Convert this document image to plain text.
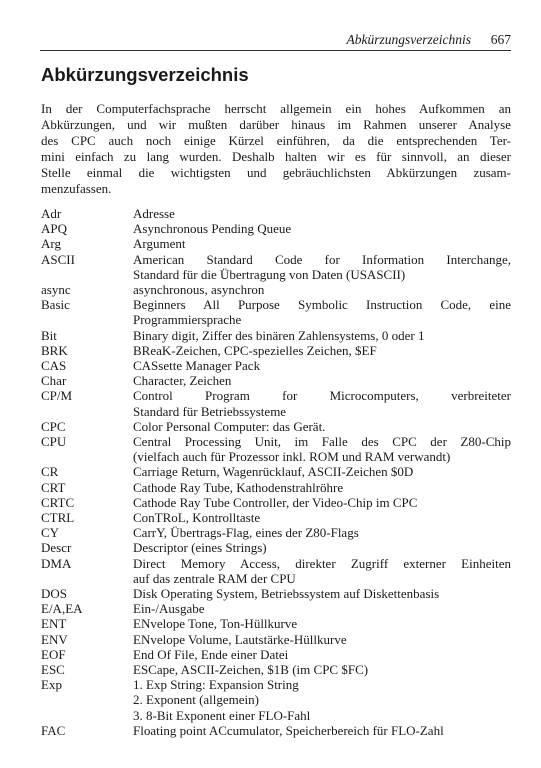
Abkürzungsverzeichnis 667
Abkürzungsverzeichnis

In der Computerfachsprache herrscht allgemein ein hohes Aufkommen an
Abkürzungen, und wir mußten darüber hinaus im Rahmen unserer Analyse
des CPC auch noch einige Kürzel einführen, da die entsprechenden Ter-
mini einfach zu lang wurden. Deshalb halten wir es für sinnvoll, an dieser
Stelle einmal die wichtigsten und gebräuchlichsten Abkürzungen zusam-
menzufassen.

Adr	Adresse
APQ	Asynchronous Pending Queue
Arg	Argument
ASCII	American Standard Code for Information Interchange,
Standard für die Übertragung von Daten (USASCII)
async	asynchronous, asynchron
Basic	Beginners All Purpose Symbolic Instruction Code, eine
Programmiersprache
Bit	Binary digit, Ziffer des binären Zahlensystems, 0 oder 1
BRK	BReaK-Zeichen, CPC-spezielles Zeichen, $EF
CAS	CASsette Manager Pack
Char	Character, Zeichen
CP/M	Control Program for Microcomputers, verbreiteter
Standard für Betriebssysteme
CPC	Color Personal Computer: das Gerät.
CPU	Central Processing Unit, im Falle des CPC der Z80-Chip
(vielfach auch für Prozessor inkl. ROM und RAM verwandt)
CR	Carriage Return, Wagenrücklauf, ASCII-Zeichen $0D
CRT	Cathode Ray Tube, Kathodenstrahlröhre
CRTC	Cathode Ray Tube Controller, der Video-Chip im CPC
CTRL	ConTRoL, Kontrolltaste
CY	CarrY, Übertrags-Flag, eines der Z80-Flags
Descr	Descriptor (eines Strings)
DMA	Direct Memory Access, direkter Zugriff externer Einheiten
auf das zentrale RAM der CPU
DOS	Disk Operating System, Betriebssystem auf Diskettenbasis
E/A,EA	Ein-/Ausgabe
ENT	ENvelope Tone, Ton-Hüllkurve
ENV	ENvelope Volume, Lautstärke-Hüllkurve
EOF	End Of File, Ende einer Datei
ESC	ESCape, ASCII-Zeichen, $1B (im CPC $FC)
Exp	1. Exp String: Expansion String
2. Exponent (allgemein)
3. 8-Bit Exponent einer FLO-Fahl
FAC	Floating point ACcumulator, Speicherbereich für FLO-Zahl
